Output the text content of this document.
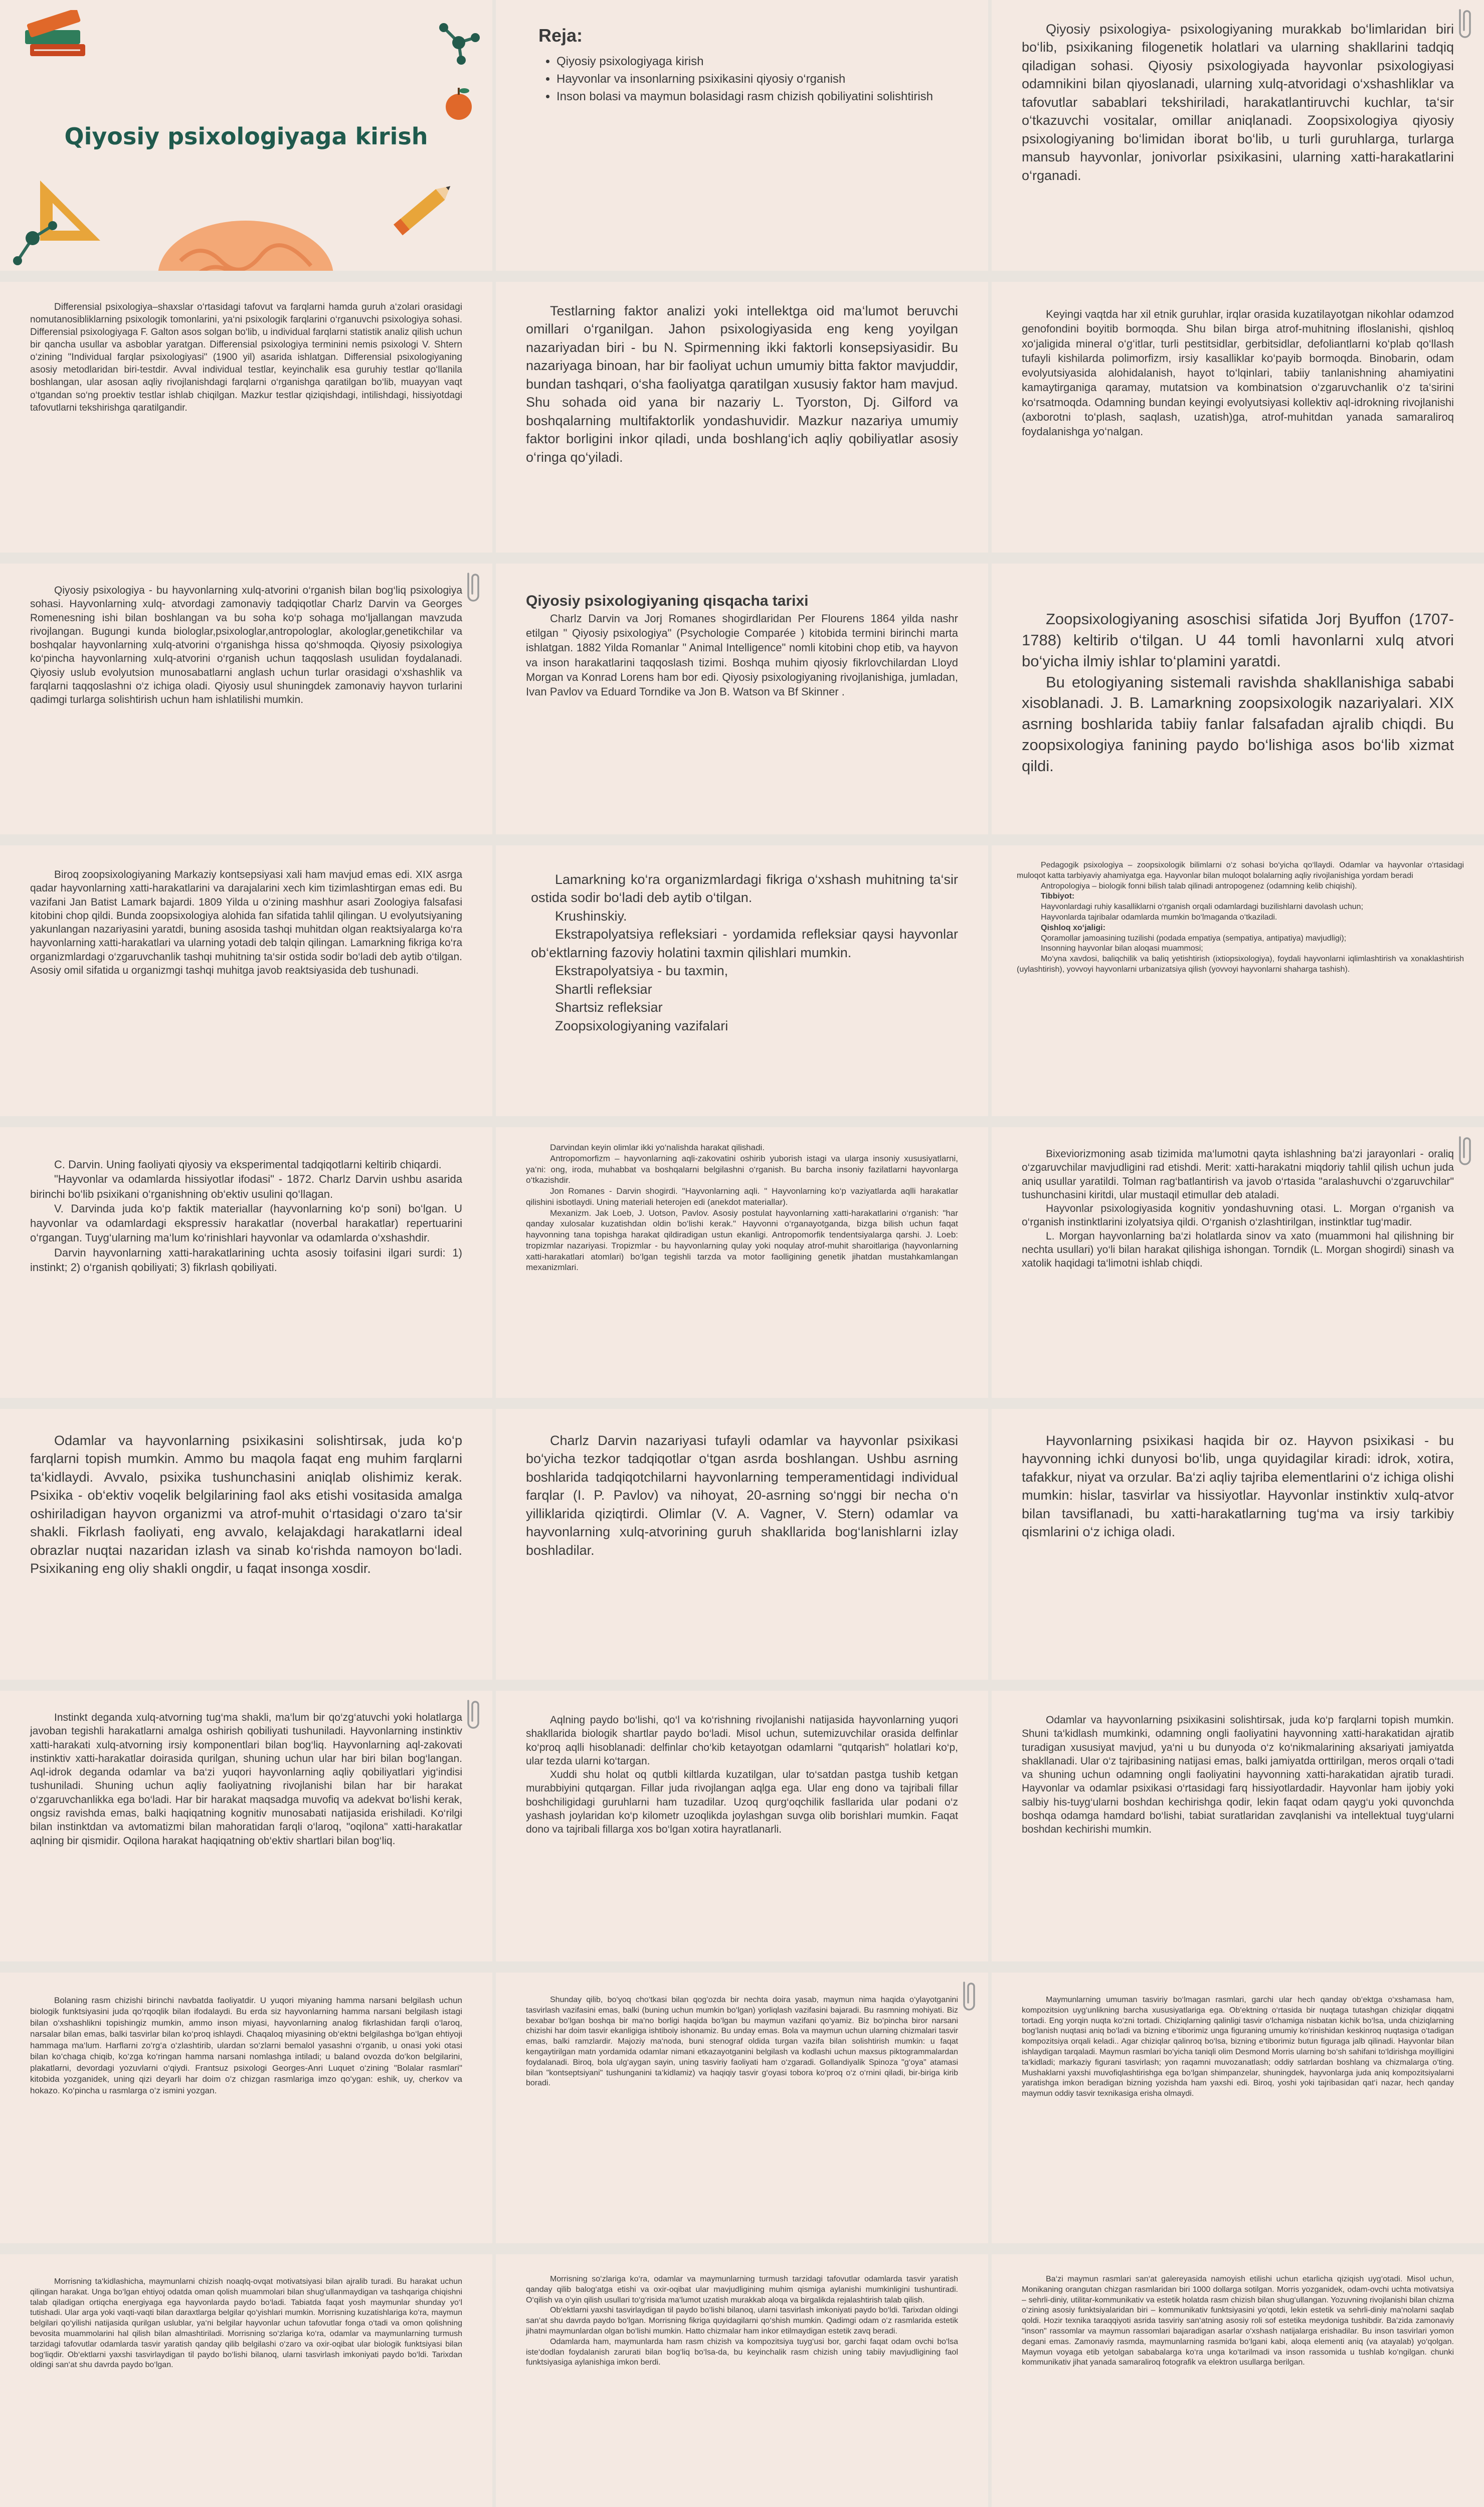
Qiyosiy psixologiyaga kirish
Reja:
• Qiyosiy psixologiyaga kirish
• Hayvonlar va insonlarning psixikasini qiyosiy o‘rganish
• Inson bolasi va maymun bolasidagi rasm chizish qobiliyatini solishtirish

Qiyosiy psixologiya- psixologiyaning murakkab bo‘limlaridan biri bo‘lib, psixikaning filogenetik holatlari va ularning shakllarini tadqiq qiladigan sohasi. Qiyosiy psixologiyada hayvonlar psixologiyasi odamnikini bilan qiyoslanadi, ularning xulq-atvoridagi o‘xshashliklar va tafovutlar sabablari tekshiriladi, harakatlantiruvchi kuchlar, ta‘sir o‘tkazuvchi vositalar, omillar aniqlanadi. Zoopsixologiya qiyosiy psixologiyaning bo‘limidan iborat bo‘lib, u turli guruhlarga, turlarga mansub hayvonlar, jonivorlar psixikasini, ularning xatti-harakatlarini o‘rganadi.

Differensial psixologiya–shaxslar o‘rtasidagi tafovut va farqlarni hamda guruh a‘zolari orasidagi nomutanosibliklarning psixologik tomonlarini, ya‘ni psixologik farqlarini o‘rganuvchi psixologiya sohasi. Differensial psixologiyaga F. Galton asos solgan bo‘lib, u individual farqlarni statistik analiz qilish uchun bir qancha usullar va asboblar yaratgan. Differensial psixologiya terminini nemis psixologi V. Shtern o‘zining "Individual farqlar psixologiyasi" (1900 yil) asarida ishlatgan. Differensial psixologiyaning asosiy metodlaridan biri-testdir. Avval individual testlar, keyinchalik esa guruhiy testlar qo‘llanila boshlangan, ular asosan aqliy rivojlanishdagi farqlarni o‘rganishga qaratilgan bo‘lib, muayyan vaqt o‘tgandan so‘ng proektiv testlar ishlab chiqilgan. Mazkur testlar qiziqishdagi, intilishdagi, hissiyotdagi tafovutlarni tekshirishga qaratilgandir.

Testlarning faktor analizi yoki intellektga oid ma‘lumot beruvchi omillari o‘rganilgan. Jahon psixologiyasida eng keng yoyilgan nazariyadan biri - bu N. Spirmenning ikki faktorli konsepsiyasidir. Bu nazariyaga binoan, har bir faoliyat uchun umumiy bitta faktor mavjuddir, bundan tashqari, o‘sha faoliyatga qaratilgan xususiy faktor ham mavjud. Shu sohada oid yana bir nazariy L. Tyorston, Dj. Gilford va boshqalarning multifaktorlik yondashuvidir. Mazkur nazariya umumiy faktor borligini inkor qiladi, unda boshlang‘ich aqliy qobiliyatlar asosiy o‘ringa qo‘yiladi.

Keyingi vaqtda har xil etnik guruhlar, irqlar orasida kuzatilayotgan nikohlar odamzod genofondini boyitib bormoqda. Shu bilan birga atrof-muhitning ifloslanishi, qishloq xo‘jaligida mineral o‘g‘itlar, turli pestitsidlar, gerbitsidlar, defoliantlarni ko‘plab qo‘llash tufayli kishilarda polimorfizm, irsiy kasalliklar ko‘payib bormoqda. Binobarin, odam evolyutsiyasida alohidalanish, hayot to‘lqinlari, tabiiy tanlanishning ahamiyatini kamaytirganiga qaramay, mutatsion va kombinatsion o‘zgaruvchanlik o‘z ta‘sirini ko‘rsatmoqda. Odamning bundan keyingi evolyutsiyasi kollektiv aql-idrokning rivojlanishi (axborotni to‘plash, saqlash, uzatish)ga, atrof-muhitdan yanada samaraliroq foydalanishga yo‘nalgan.

Qiyosiy psixologiya - bu hayvonlarning xulq-atvorini o‘rganish bilan bog‘liq psixologiya sohasi. Hayvonlarning xulq- atvordagi zamonaviy tadqiqotlar Charlz Darvin va Georges Romenesning ishi bilan boshlangan va bu soha ko‘p sohaga mo‘ljallangan mavzuda rivojlangan. Bugungi kunda biologlar,psixologlar,antropologlar, akologlar,genetikchilar va boshqalar hayvonlarning xulq-atvorini o‘rganishga hissa qo‘shmoqda. Qiyosiy psixologiya ko‘pincha hayvonlarning xulq-atvorini o‘rganish uchun taqqoslash usulidan foydalanadi. Qiyosiy uslub evolyutsion munosabatlarni anglash uchun turlar orasidagi o‘xshashlik va farqlarni taqqoslashni o‘z ichiga oladi. Qiyosiy usul shuningdek zamonaviy hayvon turlarini qadimgi turlarga solishtirish uchun ham ishlatilishi mumkin.

Qiyosiy psixologiyaning qisqacha tarixi

Charlz Darvin va Jorj Romanes shogirdlaridan Per Flourens 1864 yilda nashr etilgan " Qiyosiy psixologiya" (Psychologie Comparée ) kitobida termini birinchi marta ishlatgan. 1882 Yilda Romanlar " Animal Intelligence" nomli kitobini chop etib, va hayvon va inson harakatlarini taqqoslash tizimi. Boshqa muhim qiyosiy fikrlovchilardan Lloyd Morgan va Konrad Lorens ham bor edi. Qiyosiy psixologiyaning rivojlanishiga, jumladan, Ivan Pavlov va Eduard Torndike va Jon B. Watson va Bf Skinner .

Zoopsixologiyaning asoschisi sifatida Jorj Byuffon (1707-1788) keltirib o‘tilgan. U 44 tomli havonlarni xulq atvori bo‘yicha ilmiy ishlar to‘plamini yaratdi.

Bu etologiyaning sistemali ravishda shakllanishiga sababi xisoblanadi. J. B. Lamarkning zoopsixologik nazariyalari. XIX asrning boshlarida tabiiy fanlar falsafadan ajralib chiqdi. Bu zoopsixologiya fanining paydo bo‘lishiga asos bo‘lib xizmat qildi.

Biroq zoopsixologiyaning Markaziy kontsepsiyasi xali ham mavjud emas edi. XIX asrga qadar hayvonlarning xatti-harakatlarini va darajalarini xech kim tizimlashtirgan emas edi. Bu vazifani Jan Batist Lamark bajardi. 1809 Yilda u o‘zining mashhur asari Zoologiya falsafasi kitobini chop qildi. Bunda zoopsixologiya alohida fan sifatida tahlil qilingan. U evolyutsiyaning yakunlangan nazariyasini yaratdi, buning asosida tashqi muhitdan olgan reaktsiyalarga ko‘ra hayvonlarning xatti-harakatlari va ularning yotadi deb talqin qilingan. Lamarkning fikriga ko‘ra organizmlardagi o‘zgaruvchanlik tashqi muhitning ta‘sir ostida sodir bo‘ladi deb aytib o‘tilgan. Asosiy omil sifatida u organizmgi tashqi muhitga javob reaktsiyasida deb tushunadi.

Lamarkning ko‘ra organizmlardagi fikriga o‘xshash muhitning ta‘sir ostida sodir bo‘ladi deb aytib o‘tilgan.

Krushinskiy.

Ekstrapolyatsiya refleksiari - yordamida refleksiar qaysi hayvonlar ob‘ektlarning fazoviy holatini taxmin qilishlari mumkin.

Ekstrapolyatsiya - bu taxmin,

Shartli refleksiar

Shartsiz refleksiar

Zoopsixologiyaning vazifalari

Pedagogik psixologiya – zoopsixologik bilimlarni o‘z sohasi bo‘yicha qo‘llaydi. Odamlar va hayvonlar o‘rtasidagi muloqot katta tarbiyaviy ahamiyatga ega. Hayvonlar bilan muloqot bolalarning aqliy rivojlanishiga yordam beradi

Antropologiya – biologik fonni bilish talab qilinadi antropogenez (odamning kelib chiqishi).

Tibbiyot:

Hayvonlardagi ruhiy kasalliklarni o‘rganish orqali odamlardagi buzilishlarni davolash uchun;

Hayvonlarda tajribalar odamlarda mumkin bo‘lmaganda o‘tkaziladi.

Qishloq xo‘jaligi:

Qoramollar jamoasining tuzilishi (podada empatiya (sempatiya, antipatiya) mavjudligi);

Insonning hayvonlar bilan aloqasi muammosi;

Mo‘yna xavdosi, baliqchilik va baliq yetishtirish (ixtiopsixologiya), foydali hayvonlarni iqlimlashtirish va xonaklashtirish (uylashtirish), yovvoyi hayvonlarni urbanizatsiya qilish (yovvoyi hayvonlarni shaharga tashish).

C. Darvin. Uning faoliyati qiyosiy va eksperimental tadqiqotlarni keltirib chiqardi.

"Hayvonlar va odamlarda hissiyotlar ifodasi" - 1872. Charlz Darvin ushbu asarida birinchi bo‘lib psixikani o‘rganishning ob‘ektiv usulini qo‘llagan.

V. Darvinda juda ko‘p faktik materiallar (hayvonlarning ko‘p soni) bo‘lgan. U hayvonlar va odamlardagi ekspressiv harakatlar (noverbal harakatlar) repertuarini o‘rgangan. Tuyg‘ularning ma‘lum ko‘rinishlari hayvonlar va odamlarda o‘xshashdir.

Darvin hayvonlarning xatti-harakatlarining uchta asosiy toifasini ilgari surdi: 1) instinkt; 2) o‘rganish qobiliyati; 3) fikrlash qobiliyati.

Darvindan keyin olimlar ikki yo‘nalishda harakat qilishadi.

Antropomorfizm – hayvonlarning aqli-zakovatini oshirib yuborish istagi va ularga insoniy xususiyatlarni, ya‘ni: ong, iroda, muhabbat va boshqalarni belgilashni o‘rganish. Bu barcha insoniy fazilatlarni hayvonlarga o‘tkazishdir.

Jon Romanes - Darvin shogirdi. "Hayvonlarning aqli. " Hayvonlarning ko‘p vaziyatlarda aqlli harakatlar qilishini isbotlaydi. Uning materiali heterojen edi (anekdot materiallar).

Mexanizm. Jak Loeb, J. Uotson, Pavlov. Asosiy postulat hayvonlarning xatti-harakatlarini o‘rganish: "har qanday xulosalar kuzatishdan oldin bo‘lishi kerak." Hayvonni o‘rganayotganda, bizga bilish uchun faqat hayvonning tana topishga harakat qildiradigan ustun ekanligi. Antropomorfik tendentsiyalarga qarshi. J. Loeb: tropizmlar nazariyasi. Tropizmlar - bu hayvonlarning qulay yoki noqulay atrof-muhit sharoitlariga (hayvonlarning xatti-harakatlari atomlari) bo‘lgan tegishli tarzda va motor faolligining genetik jihatdan mustahkamlangan mexanizmlari.

Bixeviorizmoning asab tizimida ma‘lumotni qayta ishlashning ba‘zi jarayonlari - oraliq o‘zgaruvchilar mavjudligini rad etishdi. Merit: xatti-harakatni miqdoriy tahlil qilish uchun juda aniq usullar yaratildi. Tolman rag‘batlantirish va javob o‘rtasida "aralashuvchi o‘zgaruvchilar" tushunchasini kiritdi, ular mustaqil etimullar deb ataladi.

Hayvonlar psixologiyasida kognitiv yondashuvning otasi. L. Morgan o‘rganish va o‘rganish instinktlarini izolyatsiya qildi. O‘rganish o‘zlashtirilgan, instinktlar tug‘madir.

L. Morgan hayvonlarning ba‘zi holatlarda sinov va xato (muammoni hal qilishning bir nechta usullari) yo‘li bilan harakat qilishiga ishongan. Torndik (L. Morgan shogirdi) sinash va xatolik haqidagi ta‘limotni ishlab chiqdi.

Odamlar va hayvonlarning psixikasini solishtirsak, juda ko‘p farqlarni topish mumkin. Ammo bu maqola faqat eng muhim farqlarni ta‘kidlaydi. Avvalo, psixika tushunchasini aniqlab olishimiz kerak. Psixika - ob‘ektiv voqelik belgilarining faol aks etishi vositasida amalga oshiriladigan hayvon organizmi va atrof-muhit o‘rtasidagi o‘zaro ta‘sir shakli. Fikrlash faoliyati, eng avvalo, kelajakdagi harakatlarni ideal obrazlar nuqtai nazaridan izlash va sinab ko‘rishda namoyon bo‘ladi. Psixikaning eng oliy shakli ongdir, u faqat insonga xosdir.

Charlz Darvin nazariyasi tufayli odamlar va hayvonlar psixikasi bo‘yicha tezkor tadqiqotlar o‘tgan asrda boshlangan. Ushbu asrning boshlarida tadqiqotchilarni hayvonlarning temperamentidagi individual farqlar (I. P. Pavlov) va nihoyat, 20-asrning so‘nggi bir necha o‘n yilliklarida qiziqtirdi. Olimlar (V. A. Vagner, V. Stern) odamlar va hayvonlarning xulq-atvorining guruh shakllarida bog‘lanishlarni izlay boshladilar.

Hayvonlarning psixikasi haqida bir oz. Hayvon psixikasi - bu hayvonning ichki dunyosi bo‘lib, unga quyidagilar kiradi: idrok, xotira, tafakkur, niyat va orzular. Ba‘zi aqliy tajriba elementlarini o‘z ichiga olishi mumkin: hislar, tasvirlar va hissiyotlar. Hayvonlar instinktiv xulq-atvor bilan tavsiflanadi, bu xatti-harakatlarning tug‘ma va irsiy tarkibiy qismlarini o‘z ichiga oladi.

Instinkt deganda xulq-atvorning tug‘ma shakli, ma‘lum bir qo‘zg‘atuvchi yoki holatlarga javoban tegishli harakatlarni amalga oshirish qobiliyati tushuniladi. Hayvonlarning instinktiv xatti-harakati xulq-atvorning irsiy komponentlari bilan bog‘liq. Hayvonlarning aql-zakovati instinktiv xatti-harakatlar doirasida qurilgan, shuning uchun ular har biri bilan bog‘langan. Aql-idrok deganda odamlar va ba‘zi yuqori hayvonlarning aqliy qobiliyatlari yig‘indisi tushuniladi. Shuning uchun aqliy faoliyatning rivojlanishi bilan har bir harakat o‘zgaruvchanlikka ega bo‘ladi. Har bir harakat maqsadga muvofiq va adekvat bo‘lishi kerak, ongsiz ravishda emas, balki haqiqatning kognitiv munosabati natijasida erishiladi. Ko‘rilgi bilan instinktdan va avtomatizmi bilan mahoratidan farqli o‘laroq, "oqilona" xatti-harakatlar aqlning bir qismidir. Oqilona harakat haqiqatning ob‘ektiv shartlari bilan bog‘liq.

Aqlning paydo bo‘lishi, qo‘l va ko‘rishning rivojlanishi natijasida hayvonlarning yuqori shakllarida biologik shartlar paydo bo‘ladi. Misol uchun, sutemizuvchilar orasida delfinlar ko‘proq aqlli hisoblanadi: delfinlar cho‘kib ketayotgan odamlarni "qutqarish" holatlari ko‘p, ular tezda ularni ko‘targan.

Xuddi shu holat oq qutbli kiltlarda kuzatilgan, ular to‘satdan pastga tushib ketgan murabbiyini qutqargan. Fillar juda rivojlangan aqlga ega. Ular eng dono va tajribali fillar boshchiligidagi guruhlarni ham tuzadilar. Uzoq qurg‘oqchilik fasllarida ular podani o‘z yashash joylaridan ko‘p kilometr uzoqlikda joylashgan suvga olib borishlari mumkin. Faqat dono va tajribali fillarga xos bo‘lgan xotira hayratlanarli.

Odamlar va hayvonlarning psixikasini solishtirsak, juda ko‘p farqlarni topish mumkin. Shuni ta‘kidlash mumkinki, odamning ongli faoliyatini hayvonning xatti-harakatidan ajratib turadigan xususiyat mavjud, ya‘ni u bu dunyoda o‘z ko‘nikmalarining aksariyati jamiyatda shakllanadi. Ular o‘z tajribasining natijasi emas, balki jamiyatda orttirilgan, meros orqali o‘tadi va shuning uchun odamning ongli faoliyatini hayvonning xatti-harakatidan ajratib turadi. Hayvonlar va odamlar psixikasi o‘rtasidagi farq hissiyotlardadir. Hayvonlar ham ijobiy yoki salbiy his-tuyg‘ularni boshdan kechirishga qodir, lekin faqat odam qayg‘u yoki quvonchda boshqa odamga hamdard bo‘lishi, tabiat suratlaridan zavqlanishi va intellektual tuyg‘ularni boshdan kechirishi mumkin.

Bolaning rasm chizishi birinchi navbatda faoliyatdir. U yuqori miyaning hamma narsani belgilash uchun biologik funktsiyasini juda qo‘rqoqlik bilan ifodalaydi. Bu erda siz hayvonlarning hamma narsani belgilash istagi bilan o‘xshashlikni topishingiz mumkin, ammo inson miyasi, hayvonlarning analog fikrlashidan farqli o‘laroq, narsalar bilan emas, balki tasvirlar bilan ko‘proq ishlaydi. Chaqaloq miyasining ob‘ektni belgilashga bo‘lgan ehtiyoji hammaga ma‘lum. Harflarni zo‘rg‘a o‘zlashtirib, ulardan so‘zlarni bemalol yasashni o‘rganib, u onasi yoki otasi bilan ko‘chaga chiqib, ko‘zga ko‘ringan hamma narsani nomlashga intiladi; u baland ovozda do‘kon belgilarini, plakatlarni, devordagi yozuvlarni o‘qiydi. Frantsuz psixologi Georges-Anri Luquet o‘zining "Bolalar rasmlari" kitobida yozganidek, uning qizi deyarli har doim o‘z chizgan rasmlariga imzo qo‘ygan: eshik, uy, cherkov va hokazo. Ko‘pincha u rasmlarga o‘z ismini yozgan.

Shunday qilib, bo‘yoq cho‘tkasi bilan qog‘ozda bir nechta doira yasab, maymun nima haqida o‘ylayotganini tasvirlash vazifasini emas, balki (buning uchun mumkin bo‘lgan) yorliqlash vazifasini bajaradi. Bu rasmning mohiyati. Biz bexabar bo‘lgan boshqa bir ma‘no borligi haqida bo‘lgan bu maymun vazifani qo‘yamiz. Biz bo‘pincha biror narsani chizishi har doim tasvir ekanligiga ishtiboiy ishonamiz. Bu unday emas. Bola va maymun uchun ularning chizmalari tasvir emas, balki ramzlardir. Majoziy ma‘noda, buni stenograf oldida turgan vazifa bilan solishtirish mumkin: u faqat kengaytirilgan matn yordamida odamlar nimani etkazayotganini belgilash va kodlashi uchun maxsus piktogrammalardan foydalanadi. Biroq, bola ulg‘aygan sayin, uning tasviriy faoliyati ham o‘zgaradi. Gollandiyalik Spinoza "g‘oya" atamasi bilan "kontseptsiyani" tushunganini ta‘kidlamiz) va haqiqiy tasvir g‘oyasi tobora ko‘proq o‘z o‘rnini qiladi, bir-biriga kirib boradi.

Maymunlarning umuman tasviriy bo‘lmagan rasmlari, garchi ular hech qanday ob‘ektga o‘xshamasa ham, kompozitsion uyg‘unlikning barcha xususiyatlariga ega. Ob‘ektning o‘rtasida bir nuqtaga tutashgan chiziqlar diqqatni tortadi. Eng yorqin nuqta ko‘zni tortadi. Chiziqlarning qalinligi tasvir o‘lchamiga nisbatan kichik bo‘lsa, unda chiziqlarning bog‘lanish nuqtasi aniq bo‘ladi va bizning e‘tiborimiz unga figuraning umumiy ko‘rinishidan keskinroq nuqtasiga o‘tadigan kompozitsiya orqali keladi.. Agar chiziqlar qalinroq bo‘lsa, bizning e‘tiborimiz butun figuraga jalb qilinadi. Hayvonlar bilan ishlaydigan tarqaladi. Maymun rasmlari bo‘yicha taniqli olim Desmond Morris ularning bo‘sh sahifani to‘ldirishga moyilligini ta‘kidladi; markaziy figurani tasvirlash; yon raqamni muvozanatlash; oddiy satrlardan boshlang va chizmalarga o‘ting. Mushaklarni yaxshi muvofiqlashtirishga ega bo‘lgan shimpanzelar, shuningdek, hayvonlarga juda aniq kompozitsiyalarni yaratishga imkon beradigan bizning yozishda ham yaxshi edi. Biroq, yoshi yoki tajribasidan qat‘i nazar, hech qanday maymun oddiy tasvir texnikasiga erisha olmaydi.

Morrisning ta‘kidlashicha, maymunlarni chizish noaqlq-ovqat motivatsiyasi bilan ajralib turadi. Bu harakat uchun qilingan harakat. Unga bo‘lgan ehtiyoj odatda oman qolish muammolari bilan shug‘ullanmaydigan va tashqariga chiqishni talab qiladigan ortiqcha energiyaga ega hayvonlarda paydo bo‘ladi. Tabiatda faqat yosh maymunlar shunday yo‘l tutishadi. Ular arga yoki vaqti-vaqti bilan daraxtlarga belgilar qo‘yishlari mumkin. Morrisning kuzatishlariga ko‘ra, maymun belgilari qo‘yilishi natijasida qurilgan uslublar, ya‘ni belgilar hayvonlar uchun tafovutlar fonga o‘tadi va omon qolishning bevosita muammolarini hal qilish bilan almashtiriladi. Morrisning so‘zlariga ko‘ra, odamlar va maymunlarning turmush tarzidagi tafovutlar odamlarda tasvir yaratish qanday qilib belgilashi o‘zaro va oxir-oqibat ular biologik funktsiyasi bilan bog‘liqdir. Ob‘ektlarni yaxshi tasvirlaydigan til paydo bo‘lishi bilanoq, ularni tasvirlash imkoniyati paydo bo‘ldi. Tarixdan oldingi san‘at shu davrda paydo bo‘lgan.

Morrisning so‘zlariga ko‘ra, odamlar va maymunlarning turmush tarzidagi tafovutlar odamlarda tasvir yaratish qanday qilib balog‘atga etishi va oxir-oqibat ular mavjudligining muhim qismiga aylanishi mumkinligini tushuntiradi. O‘qilish va o‘yin qilish usullari to‘g‘risida ma‘lumot uzatish murakkab aloqa va birgalikda rejalashtirish talab qilish.

Ob‘ektlarni yaxshi tasvirlaydigan til paydo bo‘lishi bilanoq, ularni tasvirlash imkoniyati paydo bo‘ldi. Tarixdan oldingi san‘at shu davrda paydo bo‘lgan. Morrisning fikriga quyidagilarni qo‘shish mumkin. Qadimgi odam o‘z rasmlarida estetik jihatni maymunlardan olgan bo‘lishi mumkin. Hatto chizmalar ham inkor etilmaydigan estetik zavq beradi.

Odamlarda ham, maymunlarda ham rasm chizish va kompozitsiya tuyg‘usi bor, garchi faqat odam ovchi bo‘lsa iste‘dodlan foydalanish zarurati bilan bog‘liq bo‘lsa-da, bu keyinchalik rasm chizish uning tabiiy mavjudligining faol funktsiyasiga aylanishiga imkon berdi.

Ba‘zi maymun rasmlari san‘at galereyasida namoyish etilishi uchun etarlicha qiziqish uyg‘otadi. Misol uchun, Monikaning orangutan chizgan rasmlaridan biri 1000 dollarga sotilgan. Morris yozganidek, odam-ovchi uchta motivatsiya – sehrli-diniy, utilitar-kommunikativ va estetik holatda rasm chizish bilan shug‘ullangan. Yozuvning rivojlanishi bilan chizma o‘zining asosiy funktsiyalaridan biri – kommunikativ funktsiyasini yo‘qotdi, lekin estetik va sehrli-diniy ma‘nolarni saqlab qoldi. Hozir texnika taraqqiyoti asrida tasviriy san‘atning asosiy roli sof estetika meydoniga tushibdir. Ba‘zida zamonaviy "inson" rassomlar va maymun rassomlari bajaradigan asarlar o‘xshash natijalarga erishadilar. Bu inson tasvirlari yomon degani emas. Zamonaviy rasmda, maymunlarning rasmida bo‘lgani kabi, aloqa elementi aniq (va atayalab) yo‘qolgan. Maymun voyaga etib yetolgan sababalarga ko‘ra unga ko‘tarilmadi va inson rassomida u tushlab ko‘ngilgan. chunki kommunikativ jihat yanada samaraliroq fotografik va elektron usullarga berilgan.
